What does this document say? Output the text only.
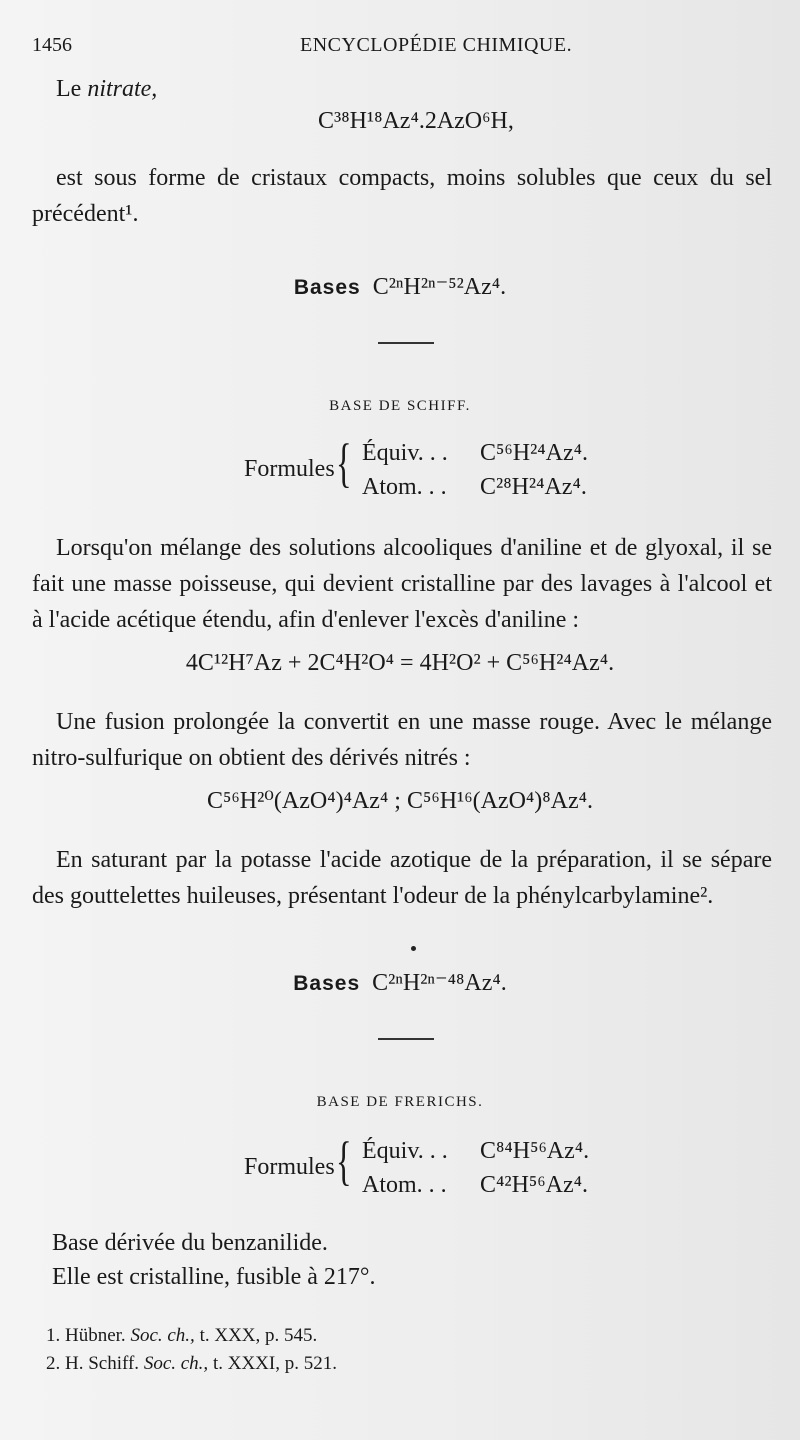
1456	ENCYCLOPÉDIE CHIMIQUE.
Le nitrate,
C³⁸H¹⁸Az⁴.2AzO⁶H,
est sous forme de cristaux compacts, moins solubles que ceux du sel précédent¹.
Bases C²ⁿH²ⁿ⁻⁵²Az⁴.
BASE DE SCHIFF.
Formules { Équiv. . . C⁵⁶H²⁴Az⁴.
Atom. . . C²⁸H²⁴Az⁴.
Lorsqu'on mélange des solutions alcooliques d'aniline et de glyoxal, il se fait une masse poisseuse, qui devient cristalline par des lavages à l'alcool et à l'acide acétique étendu, afin d'enlever l'excès d'aniline :
4C¹²H⁷Az + 2C⁴H²O⁴ = 4H²O² + C⁵⁶H²⁴Az⁴.
Une fusion prolongée la convertit en une masse rouge. Avec le mélange nitro-sulfurique on obtient des dérivés nitrés :
C⁵⁶H²⁰(AzO⁴)⁴Az⁴ ; C⁵⁶H¹⁶(AzO⁴)⁸Az⁴.
En saturant par la potasse l'acide azotique de la préparation, il se sépare des gouttelettes huileuses, présentant l'odeur de la phénylcarbylamine².
Bases C²ⁿH²ⁿ⁻⁴⁸Az⁴.
BASE DE FRERICHS.
Formules { Équiv. . . C⁸⁴H⁵⁶Az⁴.
Atom. . . C⁴²H⁵⁶Az⁴.
Base dérivée du benzanilide.
Elle est cristalline, fusible à 217°.
1. Hübner. Soc. ch., t. XXX, p. 545.
2. H. Schiff. Soc. ch., t. XXXI, p. 521.
